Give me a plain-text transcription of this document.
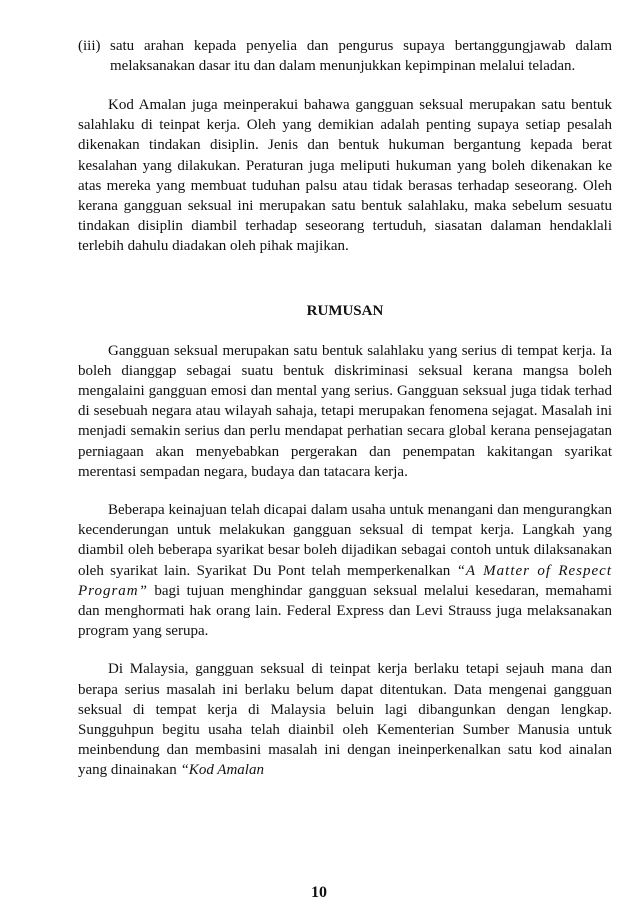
(iii) satu arahan kepada penyelia dan pengurus supaya bertanggungjawab dalam melaksanakan dasar itu dan dalam menunjukkan kepimpinan melalui teladan.

Kod Amalan juga meinperakui bahawa gangguan seksual merupakan satu bentuk salahlaku di teinpat kerja. Oleh yang demikian adalah penting supaya setiap pesalah dikenakan tindakan disiplin. Jenis dan bentuk hukuman bergantung kepada berat kesalahan yang dilakukan. Peraturan juga meliputi hukuman yang boleh dikenakan ke atas mereka yang membuat tuduhan palsu atau tidak berasas terhadap seseorang. Oleh kerana gangguan seksual ini merupakan satu bentuk salahlaku, maka sebelum sesuatu tindakan disiplin diambil terhadap seseorang tertuduh, siasatan dalaman hendaklali terlebih dahulu diadakan oleh pihak majikan.

RUMUSAN

Gangguan seksual merupakan satu bentuk salahlaku yang serius di tempat kerja. Ia boleh dianggap sebagai suatu bentuk diskriminasi seksual kerana mangsa boleh mengalaini gangguan emosi dan mental yang serius. Gangguan seksual juga tidak terhad di sesebuah negara atau wilayah sahaja, tetapi merupakan fenomena sejagat. Masalah ini menjadi semakin serius dan perlu mendapat perhatian secara global kerana pensejagatan perniagaan akan menyebabkan pergerakan dan penempatan kakitangan syarikat merentasi sempadan negara, budaya dan tatacara kerja.

Beberapa keinajuan telah dicapai dalam usaha untuk menangani dan mengurangkan kecenderungan untuk melakukan gangguan seksual di tempat kerja. Langkah yang diambil oleh beberapa syarikat besar boleh dijadikan sebagai contoh untuk dilaksanakan oleh syarikat lain. Syarikat Du Pont telah memperkenalkan “A Matter of Respect Program” bagi tujuan menghindar gangguan seksual melalui kesedaran, memahami dan menghormati hak orang lain. Federal Express dan Levi Strauss juga melaksanakan program yang serupa.

Di Malaysia, gangguan seksual di teinpat kerja berlaku tetapi sejauh mana dan berapa serius masalah ini berlaku belum dapat ditentukan. Data mengenai gangguan seksual di tempat kerja di Malaysia beluin lagi dibangunkan dengan lengkap. Sungguhpun begitu usaha telah diainbil oleh Kementerian Sumber Manusia untuk meinbendung dan membasini masalah ini dengan ineinperkenalkan satu kod ainalan yang dinainakan “Kod Amalan

10
